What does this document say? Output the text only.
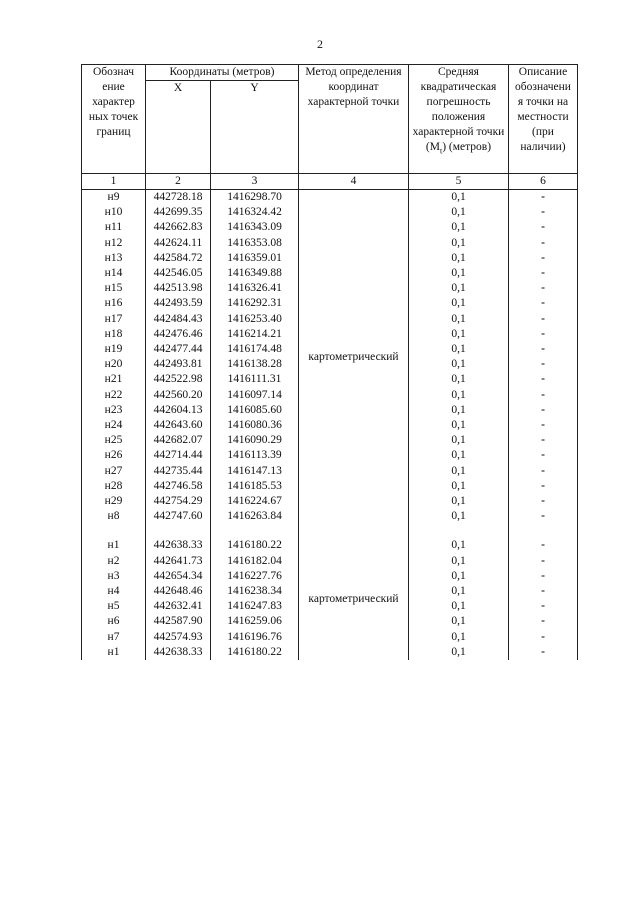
2
Обознач ение характер ных точек границ	Координаты (метров)		Метод определения координат характерной точки	Средняя квадратическая погрешность положения характерной точки $(M_t)$ (метров)	Описание обозначени я точки на местности (при наличии)
	X	Y			
1	2	3	4	5	6
н9	442728.18	1416298.70	картометрический	0,1	-
н10	442699.35	1416324.42		0,1	-
н11	442662.83	1416343.09		0,1	-
н12	442624.11	1416353.08		0,1	-
н13	442584.72	1416359.01		0,1	-
н14	442546.05	1416349.88		0,1	-
н15	442513.98	1416326.41		0,1	-
н16	442493.59	1416292.31		0,1	-
н17	442484.43	1416253.40		0,1	-
н18	442476.46	1416214.21		0,1	-
н19	442477.44	1416174.48		0,1	-
н20	442493.81	1416138.28		0,1	-
н21	442522.98	1416111.31		0,1	-
н22	442560.20	1416097.14		0,1	-
н23	442604.13	1416085.60		0,1	-
н24	442643.60	1416080.36		0,1	-
н25	442682.07	1416090.29		0,1	-
н26	442714.44	1416113.39		0,1	-
н27	442735.44	1416147.13		0,1	-
н28	442746.58	1416185.53		0,1	-
н29	442754.29	1416224.67		0,1	-
н8	442747.60	1416263.84		0,1	-

н1	442638.33	1416180.22	картометрический	0,1	-
н2	442641.73	1416182.04		0,1	-
н3	442654.34	1416227.76		0,1	-
н4	442648.46	1416238.34		0,1	-
н5	442632.41	1416247.83		0,1	-
н6	442587.90	1416259.06		0,1	-
н7	442574.93	1416196.76		0,1	-
н1	442638.33	1416180.22		0,1	-
